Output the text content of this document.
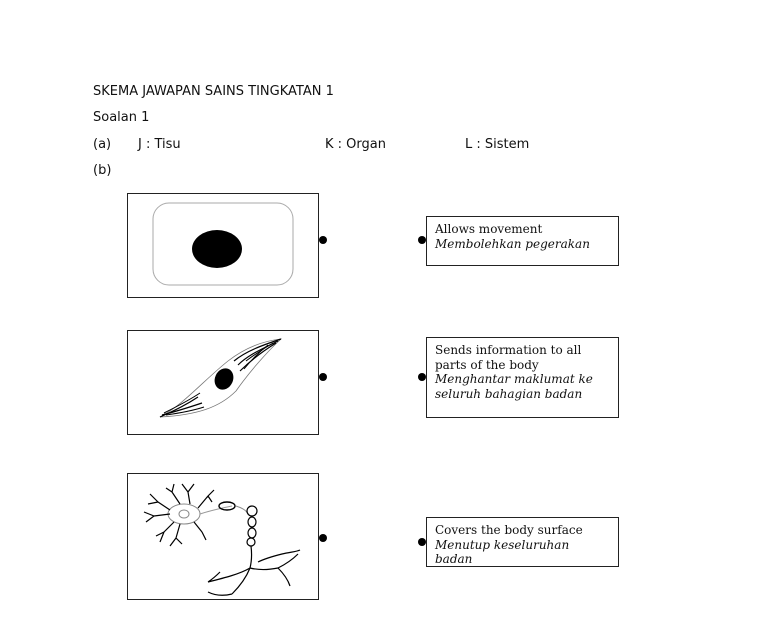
SKEMA JAWAPAN SAINS TINGKATAN 1
Soalan 1
(a) J : Tisu	K : Organ	L : Sistem
(b)
Allows movement
Membolehkan pegerakan
Sends information to all parts of the body
Menghantar maklumat ke seluruh bahagian badan
Covers the body surface
Menutup keseluruhan badan
